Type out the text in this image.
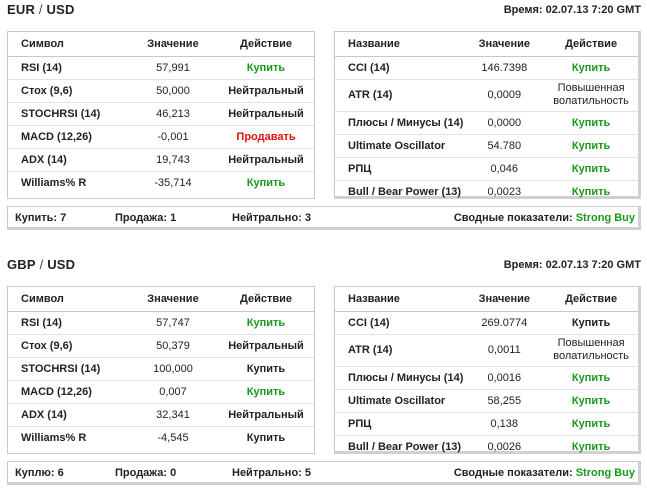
EUR / USD	Время: 02.07.13 7:20 GMT
Символ	Значение	Действие
RSI (14)	57,991	Купить
Стох (9,6)	50,000	Нейтральный
STOCHRSI (14)	46,213	Нейтральный
MACD (12,26)	-0,001	Продавать
ADX (14)	19,743	Нейтральный
Williams% R	-35,714	Купить
Название	Значение	Действие
CCI (14)	146.7398	Купить
ATR (14)	0,0009	Повышенная волатильность
Плюсы / Минусы (14)	0,0000	Купить
Ultimate Oscillator	54.780	Купить
РПЦ	0,046	Купить
Bull / Bear Power (13)	0,0023	Купить
Купить: 7	Продажа: 1	Нейтрально: 3	Сводные показатели: Strong Buy
GBP / USD	Время: 02.07.13 7:20 GMT
Символ	Значение	Действие
RSI (14)	57,747	Купить
Стох (9,6)	50,379	Нейтральный
STOCHRSI (14)	100,000	Купить
MACD (12,26)	0,007	Купить
ADX (14)	32,341	Нейтральный
Williams% R	-4,545	Купить
Название	Значение	Действие
CCI (14)	269.0774	Купить
ATR (14)	0,0011	Повышенная волатильность
Плюсы / Минусы (14)	0,0016	Купить
Ultimate Oscillator	58,255	Купить
РПЦ	0,138	Купить
Bull / Bear Power (13)	0,0026	Купить
Куплю: 6	Продажа: 0	Нейтрально: 5	Сводные показатели: Strong Buy
